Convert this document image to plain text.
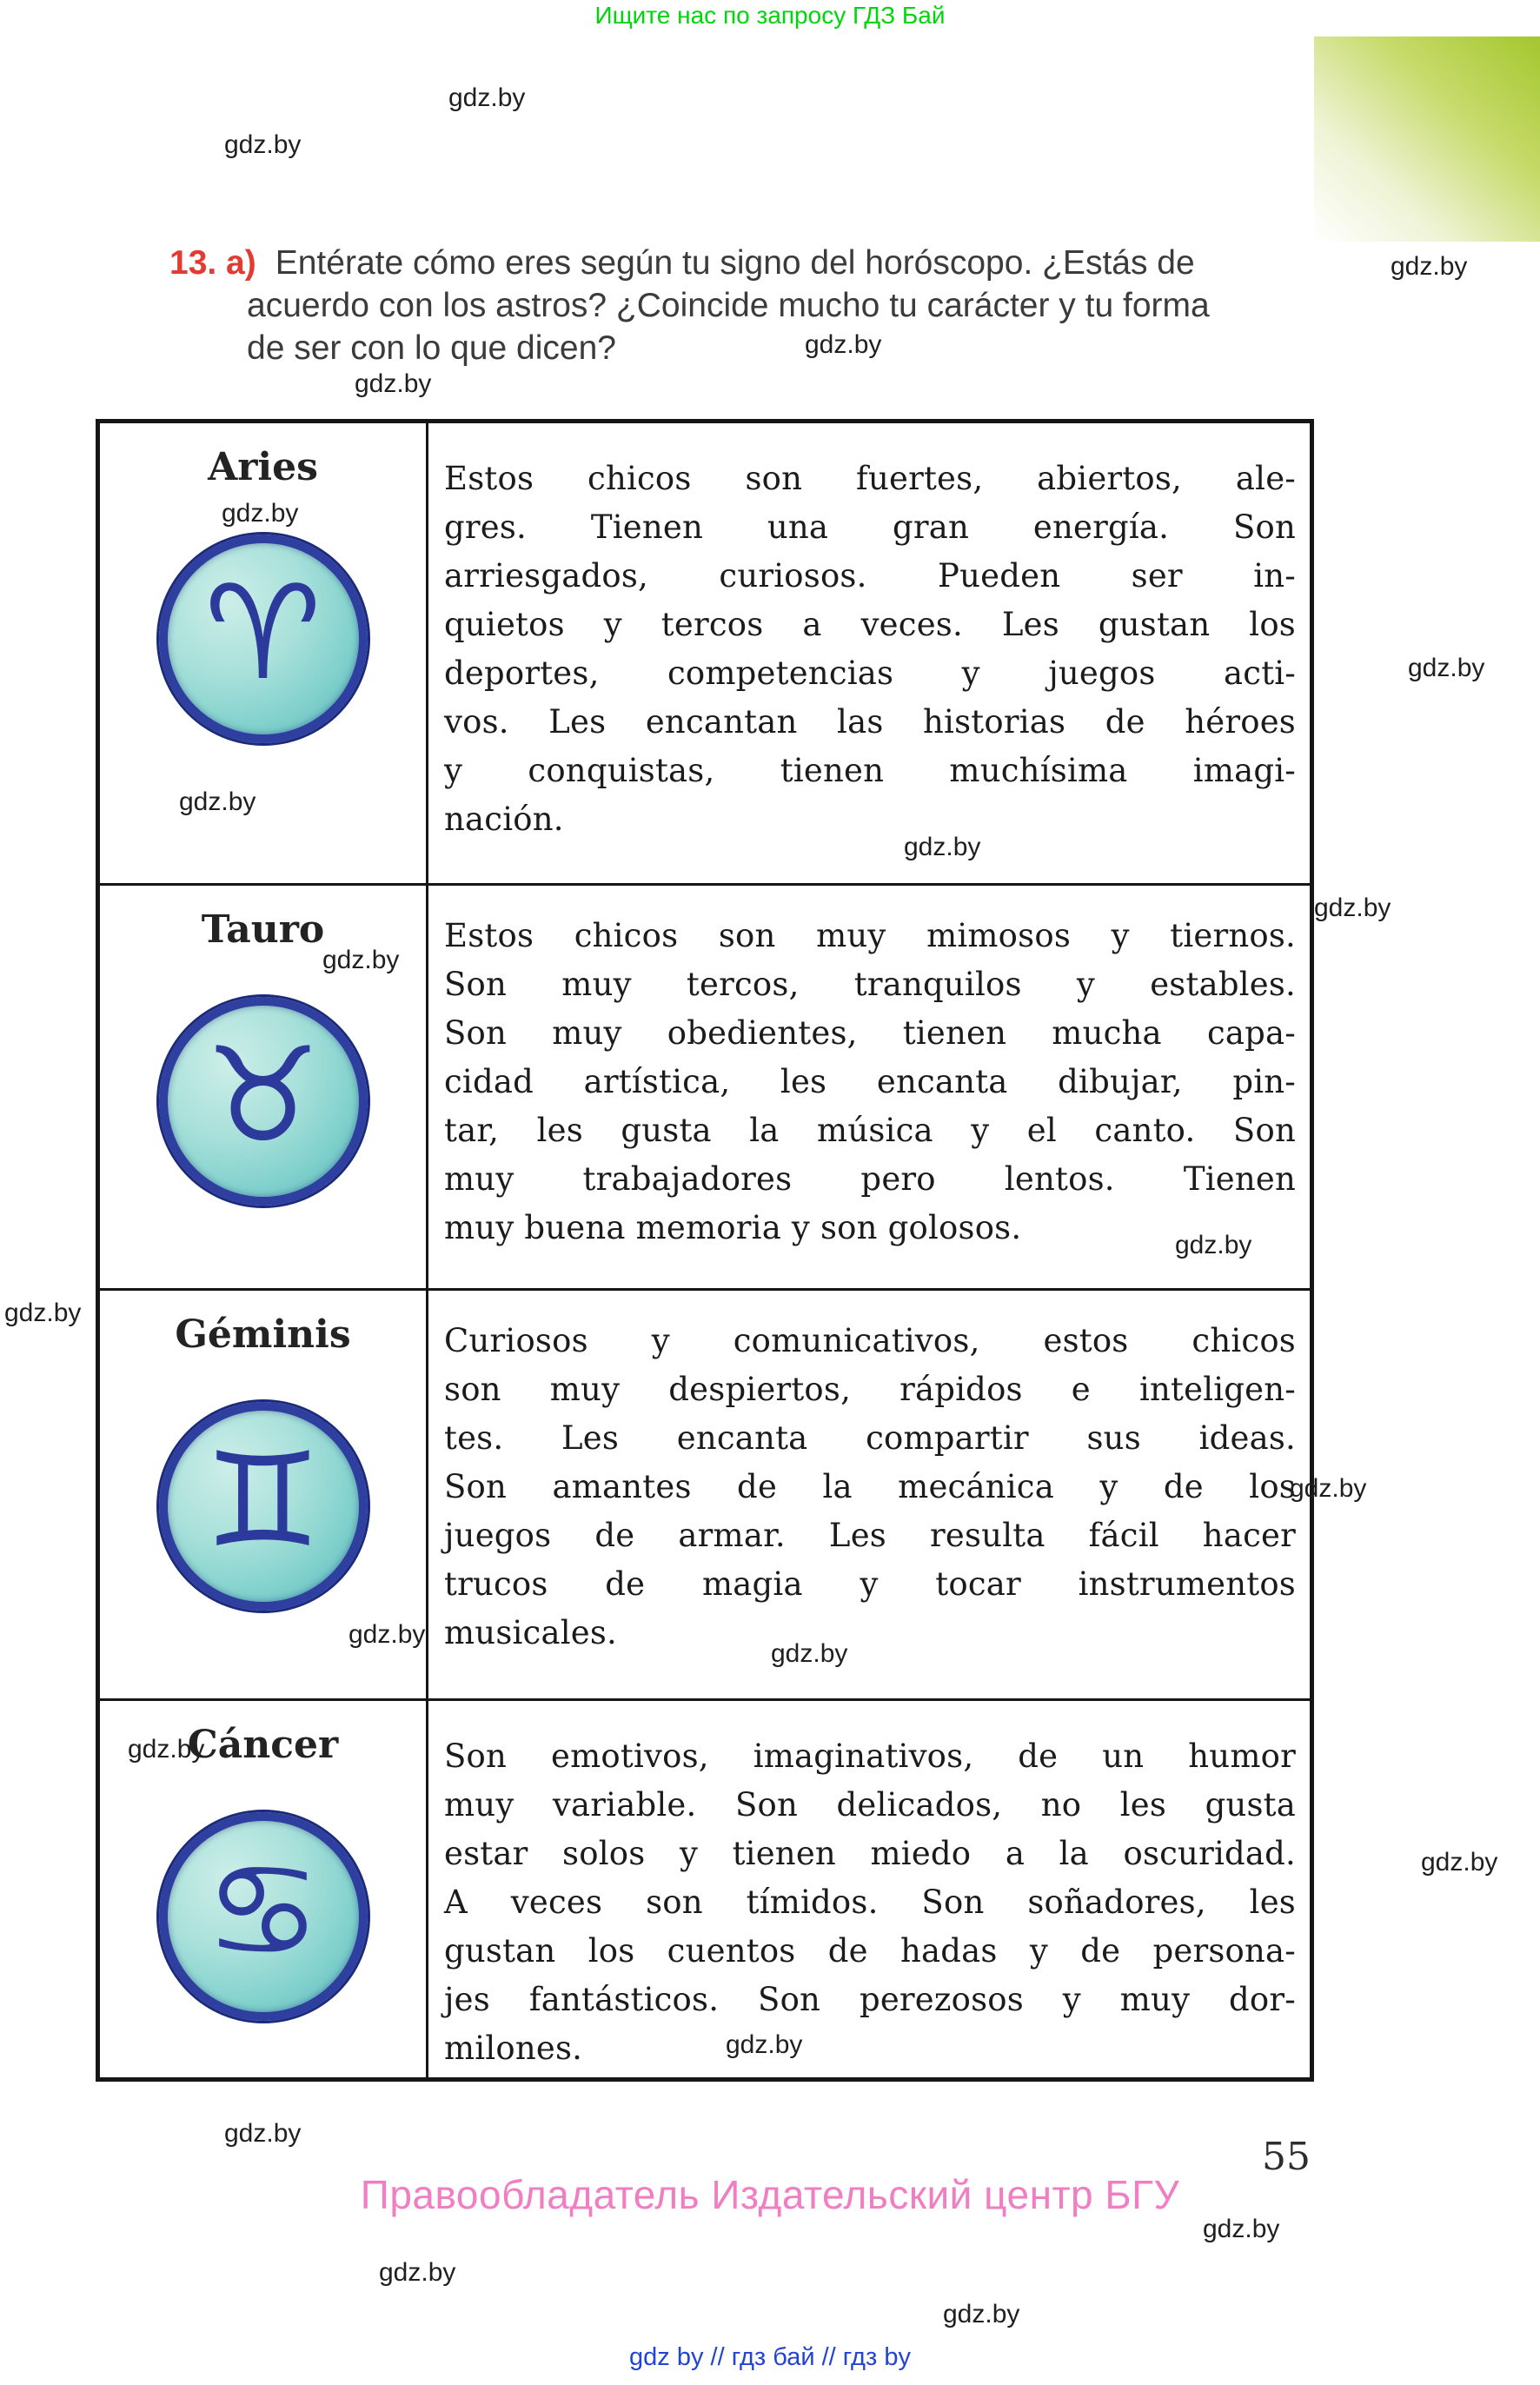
Ищите нас по запросу ГДЗ Бай
13. a) Entérate cómo eres según tu signo del horóscopo. ¿Estás de
acuerdo con los astros? ¿Coincide mucho tu carácter y tu forma
de ser con lo que dicen?
Aries
♈
Estos chicos son fuertes, abiertos, ale-
gres. Tienen una gran energía. Son
arriesgados, curiosos. Pueden ser in-
quietos y tercos a veces. Les gustan los
deportes, competencias y juegos acti-
vos. Les encantan las historias de héroes
y conquistas, tienen muchísima imagi-
nación.
Tauro
♉
Estos chicos son muy mimosos y tiernos.
Son muy tercos, tranquilos y estables.
Son muy obedientes, tienen mucha capa-
cidad artística, les encanta dibujar, pin-
tar, les gusta la música y el canto. Son
muy trabajadores pero lentos. Tienen
muy buena memoria y son golosos.
Géminis
♊
Curiosos y comunicativos, estos chicos
son muy despiertos, rápidos e inteligen-
tes. Les encanta compartir sus ideas.
Son amantes de la mecánica y de los
juegos de armar. Les resulta fácil hacer
trucos de magia y tocar instrumentos
musicales.
Cáncer
♋
Son emotivos, imaginativos, de un humor
muy variable. Son delicados, no les gusta
estar solos y tienen miedo a la oscuridad.
A veces son tímidos. Son soñadores, les
gustan los cuentos de hadas y de persona-
jes fantásticos. Son perezosos y muy dor-
milones.
gdz.by
gdz.by
gdz.by
gdz.by
gdz.by
gdz.by
gdz.by
gdz.by
gdz.by
gdz.by
gdz.by
gdz.by
gdz.by
gdz.by
gdz.by
gdz.by
gdz.by
gdz.by
gdz.by
gdz.by
gdz.by
gdz.by
gdz.by
55
Правообладатель Издательский центр БГУ
gdz by // гдз бай // гдз by
